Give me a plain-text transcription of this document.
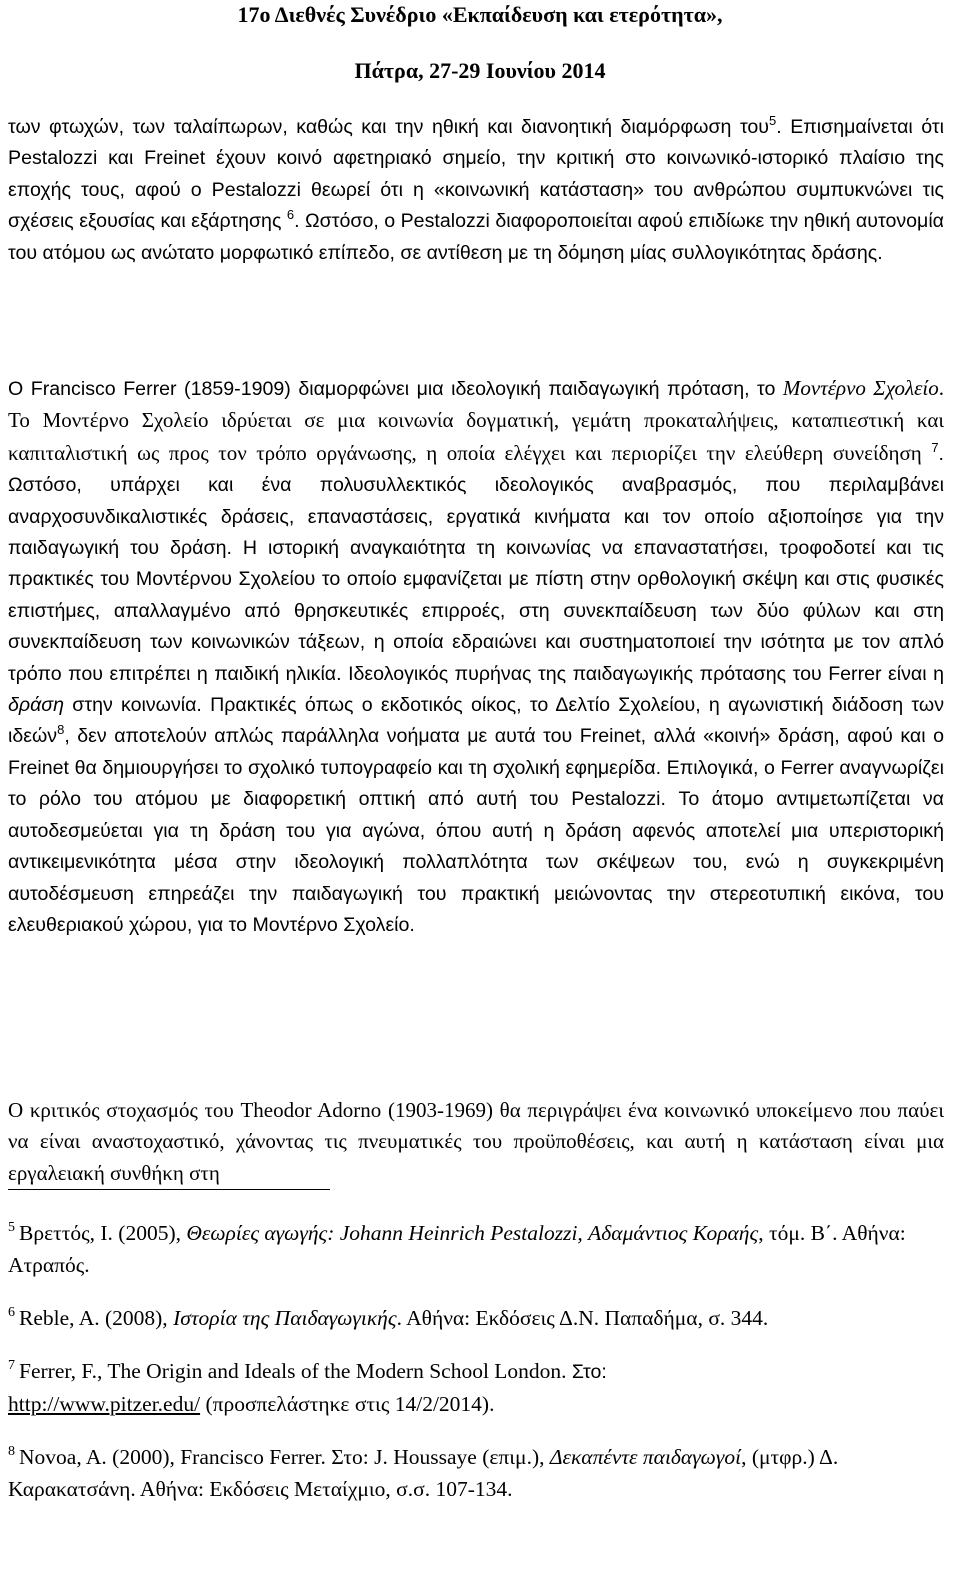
17ο Διεθνές Συνέδριο «Εκπαίδευση και ετερότητα»,
Πάτρα, 27-29 Ιουνίου 2014

των φτωχών, των ταλαίπωρων, καθώς και την ηθική και διανοητική διαμόρφωση του$^5$. Επισημαίνεται ότι Pestalozzi και Freinet έχουν κοινό αφετηριακό σημείο, την κριτική στο κοινωνικό-ιστορικό πλαίσιο της εποχής τους, αφού ο Pestalozzi θεωρεί ότι η «κοινωνική κατάσταση» του ανθρώπου συμπυκνώνει τις σχέσεις εξουσίας και εξάρτησης $^6$. Ωστόσο, ο Pestalozzi διαφοροποιείται αφού επιδίωκε την ηθική αυτονομία του ατόμου ως ανώτατο μορφωτικό επίπεδο, σε αντίθεση με τη δόμηση μίας συλλογικότητας δράσης.

Ο Francisco Ferrer (1859-1909) διαμορφώνει μια ιδεολογική παιδαγωγική πρόταση, το Μοντέρνο Σχολείο. Το Μοντέρνο Σχολείο ιδρύεται σε μια κοινωνία δογματική, γεμάτη προκαταλήψεις, καταπιεστική και καπιταλιστική ως προς τον τρόπο οργάνωσης, η οποία ελέγχει και περιορίζει την ελεύθερη συνείδηση $^7$. Ωστόσο, υπάρχει και ένα πολυσυλλεκτικός ιδεολογικός αναβρασμός, που περιλαμβάνει αναρχοσυνδικαλιστικές δράσεις, επαναστάσεις, εργατικά κινήματα και τον οποίο αξιοποίησε για την παιδαγωγική του δράση. Η ιστορική αναγκαιότητα τη κοινωνίας να επαναστατήσει, τροφοδοτεί και τις πρακτικές του Μοντέρνου Σχολείου το οποίο εμφανίζεται με πίστη στην ορθολογική σκέψη και στις φυσικές επιστήμες, απαλλαγμένο από θρησκευτικές επιρροές, στη συνεκπαίδευση των δύο φύλων και στη συνεκπαίδευση των κοινωνικών τάξεων, η οποία εδραιώνει και συστηματοποιεί την ισότητα με τον απλό τρόπο που επιτρέπει η παιδική ηλικία. Ιδεολογικός πυρήνας της παιδαγωγικής πρότασης του Ferrer είναι η δράση στην κοινωνία. Πρακτικές όπως ο εκδοτικός οίκος, το Δελτίο Σχολείου, η αγωνιστική διάδοση των ιδεών$^8$, δεν αποτελούν απλώς παράλληλα νοήματα με αυτά του Freinet, αλλά «κοινή» δράση, αφού και ο Freinet θα δημιουργήσει το σχολικό τυπογραφείο και τη σχολική εφημερίδα. Επιλογικά, ο Ferrer αναγνωρίζει το ρόλο του ατόμου με διαφορετική οπτική από αυτή του Pestalozzi. Το άτομο αντιμετωπίζεται να αυτοδεσμεύεται για τη δράση του για αγώνα, όπου αυτή η δράση αφενός αποτελεί μια υπεριστορική αντικειμενικότητα μέσα στην ιδεολογική πολλαπλότητα των σκέψεων του, ενώ η συγκεκριμένη αυτοδέσμευση επηρεάζει την παιδαγωγική του πρακτική μειώνοντας την στερεοτυπική εικόνα, του ελευθεριακού χώρου, για το Μοντέρνο Σχολείο.

Ο κριτικός στοχασμός του Theodor Adorno (1903-1969) θα περιγράψει ένα κοινωνικό υποκείμενο που παύει να είναι αναστοχαστικό, χάνοντας τις πνευματικές του προϋποθέσεις, και αυτή η κατάσταση είναι μια εργαλειακή συνθήκη στη

$^5$ Βρεττός, Ι. (2005), Θεωρίες αγωγής: Johann Heinrich Pestalozzi, Αδαμάντιος Κοραής, τόμ. Β΄. Αθήνα: Ατραπός.

$^6$ Reble, A. (2008), Ιστορία της Παιδαγωγικής. Αθήνα: Εκδόσεις Δ.Ν. Παπαδήμα, σ. 344.

$^7$ Ferrer, F., The Origin and Ideals of the Modern School London. Στο:
http://www.pitzer.edu/ (προσπελάστηκε στις 14/2/2014).

$^8$ Novoa, A. (2000), Francisco Ferrer. Στο: J. Houssaye (επιμ.), Δεκαπέντε παιδαγωγοί, (μτφρ.) Δ. Καρακατσάνη. Αθήνα: Εκδόσεις Μεταίχμιο, σ.σ. 107-134.
